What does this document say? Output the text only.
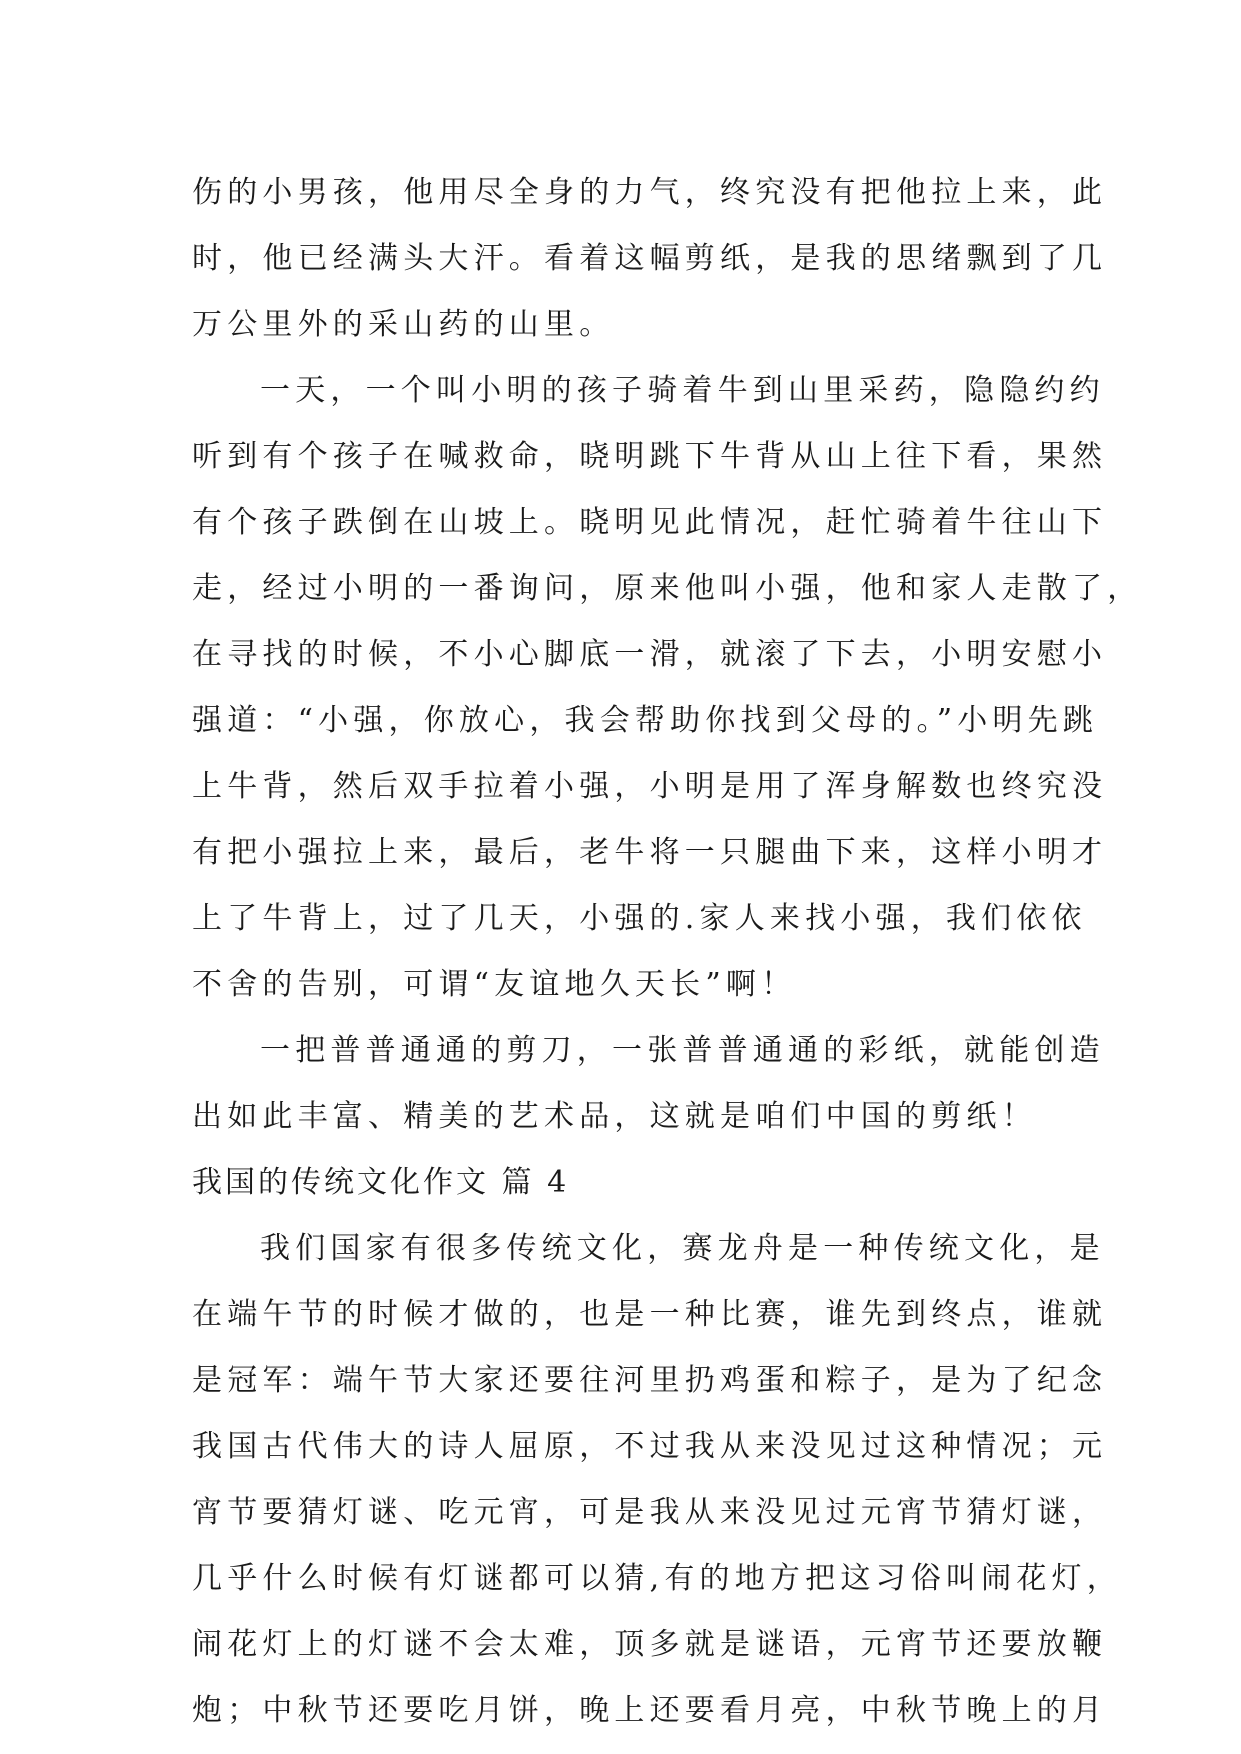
伤的小男孩，他用尽全身的力气，终究没有把他拉上来，此
时，他已经满头大汗。看着这幅剪纸，是我的思绪飘到了几
万公里外的采山药的山里。
一天，一个叫小明的孩子骑着牛到山里采药，隐隐约约
听到有个孩子在喊救命，晓明跳下牛背从山上往下看，果然
有个孩子跌倒在山坡上。晓明见此情况，赶忙骑着牛往山下
走，经过小明的一番询问，原来他叫小强，他和家人走散了，
在寻找的时候，不小心脚底一滑，就滚了下去，小明安慰小
强道：“小强，你放心，我会帮助你找到父母的。”小明先跳
上牛背，然后双手拉着小强，小明是用了浑身解数也终究没
有把小强拉上来，最后，老牛将一只腿曲下来，这样小明才
上了牛背上，过了几天，小强的.家人来找小强，我们依依
不舍的告别，可谓“友谊地久天长”啊！
一把普普通通的剪刀，一张普普通通的彩纸，就能创造
出如此丰富、精美的艺术品，这就是咱们中国的剪纸！
我国的传统文化作文 篇 4
我们国家有很多传统文化，赛龙舟是一种传统文化，是
在端午节的时候才做的，也是一种比赛，谁先到终点，谁就
是冠军：端午节大家还要往河里扔鸡蛋和粽子，是为了纪念
我国古代伟大的诗人屈原，不过我从来没见过这种情况；元
宵节要猜灯谜、吃元宵，可是我从来没见过元宵节猜灯谜，
几乎什么时候有灯谜都可以猜,有的地方把这习俗叫闹花灯，
闹花灯上的灯谜不会太难，顶多就是谜语，元宵节还要放鞭
炮；中秋节还要吃月饼，晚上还要看月亮，中秋节晚上的月
